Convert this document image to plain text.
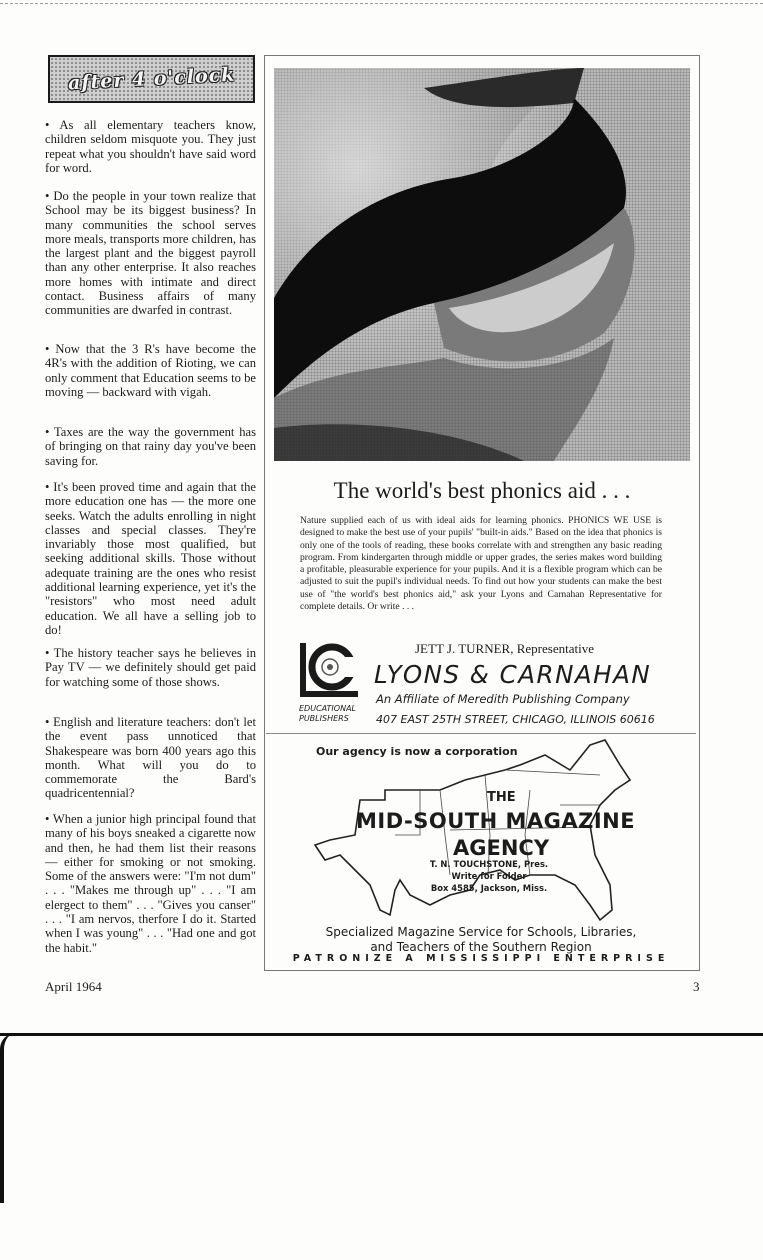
after 4 o'clock

• As all elementary teachers know, children seldom misquote you. They just repeat what you shouldn't have said word for word.

• Do the people in your town realize that School may be its biggest business? In many communities the school serves more meals, transports more children, has the largest plant and the biggest payroll than any other enterprise. It also reaches more homes with intimate and direct contact. Business affairs of many communities are dwarfed in contrast.

• Now that the 3 R's have become the 4R's with the addition of Rioting, we can only comment that Education seems to be moving — backward with vigah.

• Taxes are the way the government has of bringing on that rainy day you've been saving for.

• It's been proved time and again that the more education one has — the more one seeks. Watch the adults enrolling in night classes and special classes. They're invariably those most qualified, but seeking additional skills. Those without adequate training are the ones who resist additional learning experience, yet it's the "resistors" who most need adult education. We all have a selling job to do!

• The history teacher says he believes in Pay TV — we definitely should get paid for watching some of those shows.

• English and literature teachers: don't let the event pass unnoticed that Shakespeare was born 400 years ago this month. What will you do to commemorate the Bard's quadricentennial?

• When a junior high principal found that many of his boys sneaked a cigarette now and then, he had them list their reasons — either for smoking or not smoking. Some of the answers were: "I'm not dum" . . . "Makes me through up" . . . "I am elergect to them" . . . "Gives you canser" . . . "I am nervos, therfore I do it. Started when I was young" . . . "Had one and got the habit."

The world's best phonics aid . . .

Nature supplied each of us with ideal aids for learning phonics. PHONICS WE USE is designed to make the best use of your pupils' "built-in aids." Based on the idea that phonics is only one of the tools of reading, these books correlate with and strengthen any basic reading program. From kindergarten through middle or upper grades, the series makes word building a profitable, pleasurable experience for your pupils. And it is a flexible program which can be adjusted to suit the pupil's individual needs. To find out how your students can make the best use of "the world's best phonics aid," ask your Lyons and Carnahan Representative for complete details. Or write . . .

EDUCATIONAL
PUBLISHERS
JETT J. TURNER, Representative
LYONS & CARNAHAN
An Affiliate of Meredith Publishing Company
407 EAST 25TH STREET, CHICAGO, ILLINOIS 60616
Our agency is now a corporation
THE
MID-SOUTH MAGAZINE
AGENCY
T. N. TOUCHSTONE, Pres.
Write for Folder
Box 4585, Jackson, Miss.
Specialized Magazine Service for Schools, Libraries,
and Teachers of the Southern Region
PATRONIZE A MISSISSIPPI ENTERPRISE
April 1964	3
